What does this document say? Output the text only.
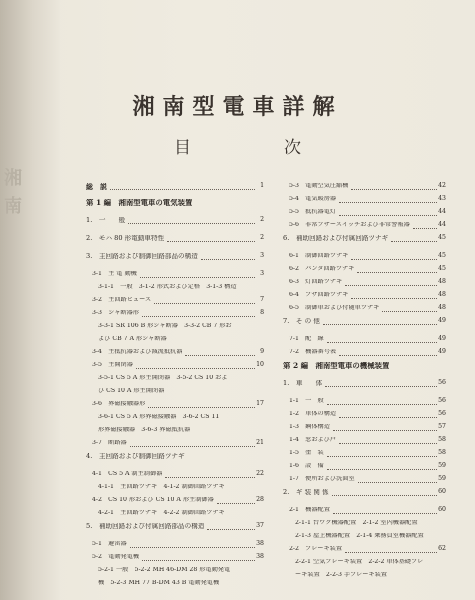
湘南
湘南型電車詳解
目　次
総　説	1
第 1 編　湘南型電車の電気装置
1.　一　　般	2
2.　モハ 80 形電動車特性	2
3.　主回路および制御回路部品の構造	3
3-1　主 電 動機	3
3-1-1　一般　3-1-2 形式および定格　3-1-3 構造
3-2　主回路ヒューズ	7
3-3　シャ断器形	8
3-3-1 SR 106 B 形シャ断器　3-3-2 CB 7 形お
よび CB 7 A 形シャ断器
3-4　主抵抗器および減流抵抗器	9
3-5　主開閉器	10
3-5-1 CS 5 A 形主開閉器　3-5-2 CS 10 およ
び CS 10 A 形主開閉器
3-6　界磁接触器形	17
3-6-1 CS 5 A 形界磁接触器　3-6-2 CS 11
形界磁接触器　3-6-3 界磁抵抗器
3-7　断路器	21
4.　主回路および制御回路ツナギ
4-1　CS 5 A 制主制御器	22
4-1-1　主回路ツナギ　4-1-2 制御回路ツナギ
4-2　CS 10 形および CS 10 A 形主制御器	28
4-2-1　主回路ツナギ　4-2-2 制御回路ツナギ
5.　補助回路および付属回路部品の構造	37
5-1　避雷器	38
5-2　電動発電機	38
5-2-1 一般　5-2-2 MH 46-DM 28 形電動発電
機　5-2-3 MH 77 B-DM 43 B 電動発電機
5-3　電動空気圧縮機	42
5-4　電気暖房器	43
5-5　抵抗器電灯	44
5-6　非常ブザースイッチおよび非常警報器	44
6.　補助回路および付属回路ツナギ	45
6-1　制御回路ツナギ	45
6-2　パンタ回路ツナギ	45
6-3　灯回路ツナギ	48
6-4　ブザ回路ツナギ	48
6-5　制御車および付随車ツナギ	48
7.　そ の 他	49
7-1　配　線	49
7-2　機器番号表	49
第 2 編　湘南型電車の機械装置
1.　車　　体	56
1-1　一　般	56
1-2　車体の構造	56
1-3　鋼体構造	57
1-4　窓および戸	58
1-5　塗　装	58
1-6　設　備	59
1-7　便所および洗面室	59
2.　ギ 装 関 係	60
2-1　機器配置	60
2-1-1 台ワク機器配置　2-1-2 室内機器配置
2-1-3 屋上機器配置　2-1-4 乗務員室機器配置
2-2　ブレーキ装置	62
2-2-1 空気ブレーキ装置　2-2-2 車体基礎ブレ
ーキ装置　2-2-3 手ブレーキ装置
